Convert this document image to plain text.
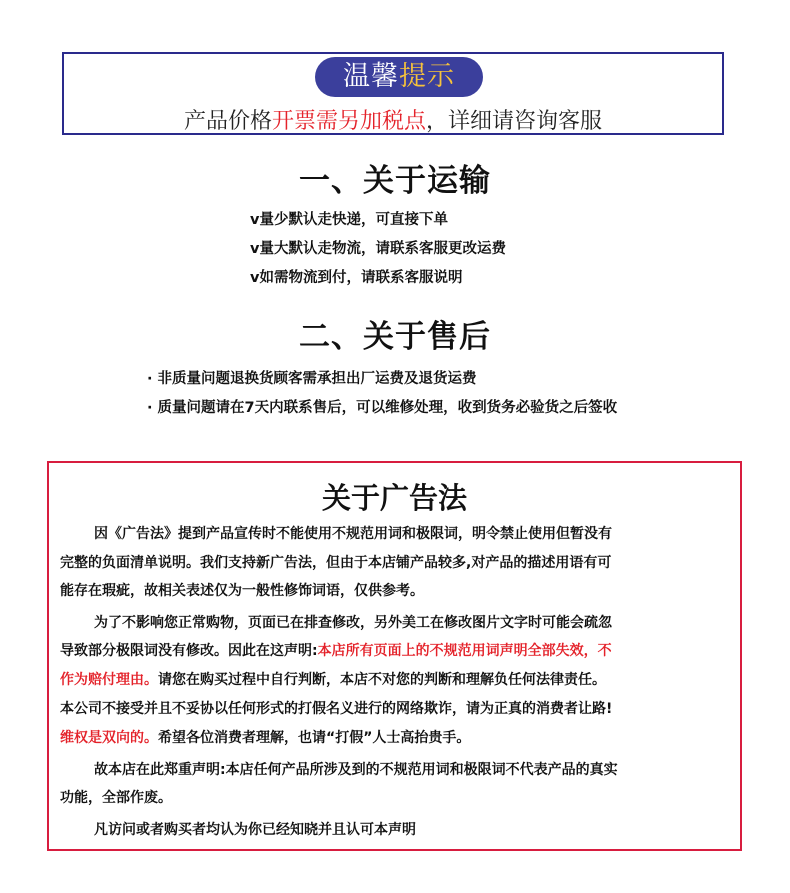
温馨提示
产品价格开票需另加税点，详细请咨询客服
一、关于运输
v量少默认走快递，可直接下单
v量大默认走物流，请联系客服更改运费
v如需物流到付，请联系客服说明
二、关于售后
· 非质量问题退换货顾客需承担出厂运费及退货运费
· 质量问题请在7天内联系售后，可以维修处理，收到货务必验货之后签收
关于广告法
因《广告法》提到产品宣传时不能使用不规范用词和极限词，明令禁止使用但暂没有
完整的负面清单说明。我们支持新广告法，但由于本店铺产品较多,对产品的描述用语有可
能存在瑕疵，故相关表述仅为一般性修饰词语，仅供参考。
为了不影响您正常购物，页面已在排查修改，另外美工在修改图片文字时可能会疏忽
导致部分极限词没有修改。因此在这声明:本店所有页面上的不规范用词声明全部失效，不
作为赔付理由。请您在购买过程中自行判断，本店不对您的判断和理解负任何法律责任。
本公司不接受并且不妥协以任何形式的打假名义进行的网络欺诈，请为正真的消费者让路!
维权是双向的。希望各位消费者理解，也请“打假”人士高抬贵手。
故本店在此郑重声明:本店任何产品所涉及到的不规范用词和极限词不代表产品的真实
功能，全部作废。
凡访问或者购买者均认为你已经知晓并且认可本声明
